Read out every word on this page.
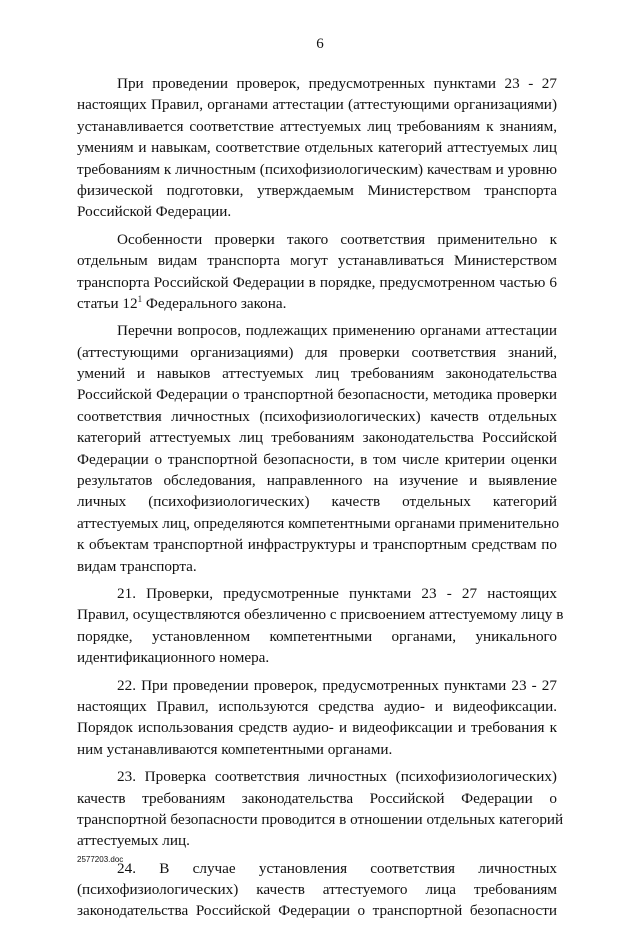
6
При проведении проверок, предусмотренных пунктами 23 - 27
настоящих Правил, органами аттестации (аттестующими организациями)
устанавливается соответствие аттестуемых лиц требованиям к знаниям,
умениям и навыкам, соответствие отдельных категорий аттестуемых лиц
требованиям к личностным (психофизиологическим) качествам и уровню
физической подготовки, утверждаемым Министерством транспорта
Российской Федерации.
Особенности проверки такого соответствия применительно к
отдельным видам транспорта могут устанавливаться Министерством
транспорта Российской Федерации в порядке, предусмотренном частью 6
статьи $12^1$ Федерального закона.
Перечни вопросов, подлежащих применению органами аттестации
(аттестующими организациями) для проверки соответствия знаний,
умений и навыков аттестуемых лиц требованиям законодательства
Российской Федерации о транспортной безопасности, методика проверки
соответствия личностных (психофизиологических) качеств отдельных
категорий аттестуемых лиц требованиям законодательства Российской
Федерации о транспортной безопасности, в том числе критерии оценки
результатов обследования, направленного на изучение и выявление
личных (психофизиологических) качеств отдельных категорий
аттестуемых лиц, определяются компетентными органами применительно
к объектам транспортной инфраструктуры и транспортным средствам по
видам транспорта.
21. Проверки, предусмотренные пунктами 23 - 27 настоящих
Правил, осуществляются обезличенно с присвоением аттестуемому лицу в
порядке, установленном компетентными органами, уникального
идентификационного номера.
22. При проведении проверок, предусмотренных пунктами 23 - 27
настоящих Правил, используются средства аудио- и видеофиксации.
Порядок использования средств аудио- и видеофиксации и требования к
ним устанавливаются компетентными органами.
23. Проверка соответствия личностных (психофизиологических)
качеств требованиям законодательства Российской Федерации о
транспортной безопасности проводится в отношении отдельных категорий
аттестуемых лиц.
24. В случае установления соответствия личностных
(психофизиологических) качеств аттестуемого лица требованиям
законодательства Российской Федерации о транспортной безопасности
2577203.doc
